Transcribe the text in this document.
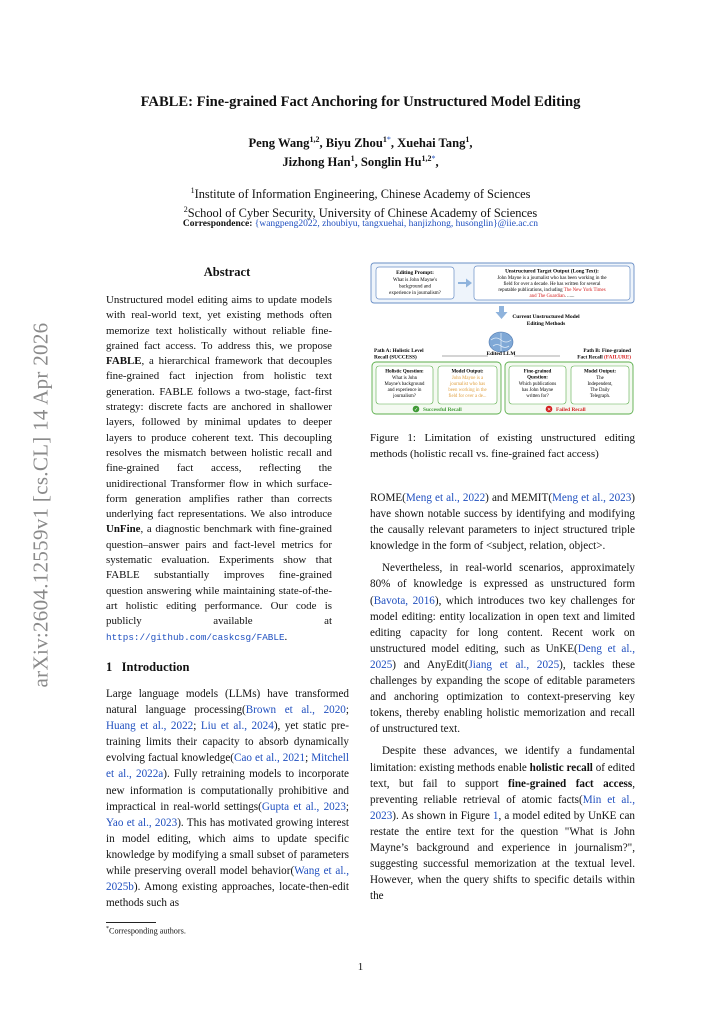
arXiv:2604.12559v1 [cs.CL] 14 Apr 2026
FABLE: Fine-grained Fact Anchoring for Unstructured Model Editing
Peng Wang$^{1,2}$, Biyu Zhou$^{1*}$, Xuehai Tang$^1$,
Jizhong Han$^1$, Songlin $Hu^{1,2*}$,
$^1$Institute of Information Engineering, Chinese Academy of Sciences
$^2$School of Cyber Security, University of Chinese Academy of Sciences
Correspondence: {wangpeng2022, zhoubiyu, tangxuehai, hanjizhong, husonglin}@iie.ac.cn
Abstract
Unstructured model editing aims to update models with real-world text, yet existing methods often memorize text holistically without reliable fine-grained fact access. To address this, we propose FABLE, a hierarchical framework that decouples fine-grained fact injection from holistic text generation. FABLE follows a two-stage, fact-first strategy: discrete facts are anchored in shallower layers, followed by minimal updates to deeper layers to produce coherent text. This decoupling resolves the mismatch between holistic recall and fine-grained fact access, reflecting the unidirectional Transformer flow in which surface-form generation amplifies rather than corrects underlying fact representations. We also introduce UnFine, a diagnostic benchmark with fine-grained question–answer pairs and fact-level metrics for systematic evaluation. Experiments show that FABLE substantially improves fine-grained question answering while maintaining state-of-the-art holistic editing performance. Our code is publicly available at https://github.com/caskcsg/FABLE.
1 Introduction
Large language models (LLMs) have transformed natural language processing(Brown et al., 2020; Huang et al., 2022; Liu et al., 2024), yet static pre-training limits their capacity to absorb dynamically evolving factual knowledge(Cao et al., 2021; Mitchell et al., 2022a). Fully retraining models to incorporate new information is computationally prohibitive and impractical in real-world settings(Gupta et al., 2023; Yao et al., 2023). This has motivated growing interest in model editing, which aims to update specific knowledge by modifying a small subset of parameters while preserving overall model behavior(Wang et al., 2025b). Among existing approaches, locate-then-edit methods such as
*Corresponding authors.
Editing Prompt:
What is John Mayne's
background and
experience in journalism?
Unstructured Target Output (Long Text):
John Mayne is a journalist who has been working in the
field for over a decade. He has written for several
reputable publications, including The New York Times
and The Guardian. ......
Current Unstructured Model
Editing Methods
Edited LLM
Path A: Holistic Level
Recall (SUCCESS)
Path B: Fine-grained
Fact Recall (FAILURE)
Holistic Question:
What is John
Mayne's background
and experience in
journalism?
Model Output:
John Mayne is a
journalist who has
been working in the
field for over a de...
✓ Successful Recall
Fine-grained
Question:
Which publications
has John Mayne
written for?
Model Output:
The
Independent,
The Daily
Telegraph.
✕ Failed Recall
Figure 1: Limitation of existing unstructured editing methods (holistic recall vs. fine-grained fact access)

ROME(Meng et al., 2022) and MEMIT(Meng et al., 2023) have shown notable success by identifying and modifying the causally relevant parameters to inject structured triple knowledge in the form of <subject, relation, object>.

Nevertheless, in real-world scenarios, approximately 80% of knowledge is expressed as unstructured form (Bavota, 2016), which introduces two key challenges for model editing: entity localization in open text and limited editing capacity for long content. Recent work on unstructured model editing, such as UnKE(Deng et al., 2025) and AnyEdit(Jiang et al., 2025), tackles these challenges by expanding the scope of editable parameters and anchoring optimization to context-preserving key tokens, thereby enabling holistic memorization and recall of unstructured text.

Despite these advances, we identify a fundamental limitation: existing methods enable holistic recall of edited text, but fail to support fine-grained fact access, preventing reliable retrieval of atomic facts(Min et al., 2023). As shown in Figure 1, a model edited by UnKE can restate the entire text for the question "What is John Mayne’s background and experience in journalism?", suggesting successful memorization at the textual level. However, when the query shifts to specific details within the

1
